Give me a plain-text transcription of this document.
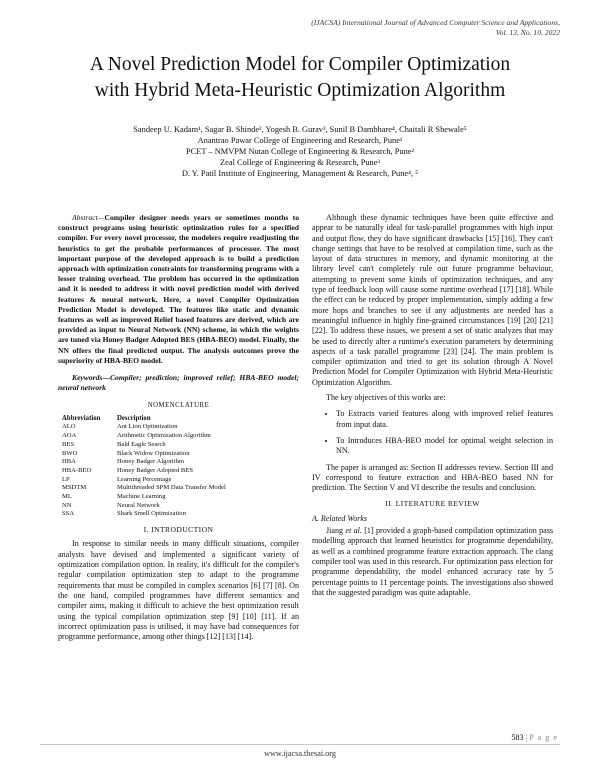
(IJACSA) International Journal of Advanced Computer Science and Applications,
Vol. 13, No. 10, 2022
A Novel Prediction Model for Compiler Optimization
with Hybrid Meta-Heuristic Optimization Algorithm
Sandeep U. Kadam¹, Sagar B. Shinde², Yogesh B. Gurav³, Sunil B Dambhare⁴, Chaitali R Shewale⁵
Anantrao Pawar College of Engineering and Research, Pune¹
PCET – NMVPM Nutan College of Engineering & Research, Pune²
Zeal College of Engineering & Research, Pune³
D. Y. Patil Institute of Engineering, Management & Research, Pune⁴, ⁵

Abstract—Compiler designer needs years or sometimes months to construct programs using heuristic optimization rules for a specified compiler. For every novel processor, the modelers require readjusting the heuristics to get the probable performances of processor. The most important purpose of the developed approach is to build a prediction approach with optimization constraints for transforming programs with a lesser training overhead. The problem has occurred in the optimization and it is needed to address it with novel prediction model with derived features & neural network. Here, a novel Compiler Optimization Prediction Model is developed. The features like static and dynamic features as well as improved Relief based features are derived, which are provided as input to Neural Network (NN) scheme, in which the weights are tuned via Honey Badger Adopted BES (HBA-BEO) model. Finally, the NN offers the final predicted output. The analysis outcomes prove the superiority of HBA-BEO model.

Keywords—Compiler; prediction; improved relief; HBA-BEO model; neural network

NOMENCLATURE
Abbreviation	Description
ALO	Ant Lion Optimization
AOA	Arithmetic Optimization Algorithm
BES	Bald Eagle Search
BWO	Black Widow Optimization
HBA	Honey Badger Algorithm
HBA-BEO	Honey Badger Adopted BES
LP	Learning Percentage
MSDTM	Multithreaded SPM Data Transfer Model
ML	Machine Learning
NN	Neural Network
SSA	Shark Smell Optimization
I. INTRODUCTION

In response to similar needs in many difficult situations, compiler analysts have devised and implemented a significant variety of optimization compilation option. In reality, it's difficult for the compiler's regular compilation optimization step to adapt to the programme requirements that must be compiled in complex scenarios [6] [7] [8]. On the one hand, compiled programmes have different semantics and compiler aims, making it difficult to achieve the best optimization result using the typical compilation optimization step [9] [10] [11]. If an incorrect optimization pass is utilised, it may have bad consequences for programme performance, among other things [12] [13] [14].

Although these dynamic techniques have been quite effective and appear to be naturally ideal for task-parallel programmes with high input and output flow, they do have significant drawbacks [15] [16]. They can't change settings that have to be resolved at compilation time, such as the layout of data structures in memory, and dynamic monitoring at the library level can't completely rule out future programme behaviour, attempting to prevent some kinds of optimization techniques, and any type of feedback loop will cause some runtime overhead [17] [18]. While the effect can be reduced by proper implementation, simply adding a few more hops and branches to see if any adjustments are needed has a meaningful influence in highly fine-grained circumstances [19] [20] [21] [22]. To address these issues, we present a set of static analyzes that may be used to directly alter a runtime's execution parameters by determining aspects of a task parallel programme [23] [24]. The main problem is compiler optimization and tried to get its solution through A Novel Prediction Model for Compiler Optimization with Hybrid Meta-Heuristic Optimization Algorithm.

The key objectives of this works are:

• To Extracts varied features along with improved relief features from input data.
• To Introduces HBA-BEO model for optimal weight selection in NN.

The paper is arranged as: Section II addresses review. Section III and IV correspond to feature extraction and HBA-BEO based NN for prediction. The Section V and VI describe the results and conclusion.

II. LITERATURE REVIEW
A. Related Works

Jiang et al. [1] provided a graph-based compilation optimization pass modelling approach that learned heuristics for programme dependability, as well as a combined programme feature extraction approach. The clang compiler tool was used in this research. For optimization pass election for programme dependability, the model enhanced accuracy rate by 5 percentage points to 11 percentage points. The investigations also showed that the suggested paradigm was quite adaptable.

583 | P a g e
www.ijacsa.thesai.org
